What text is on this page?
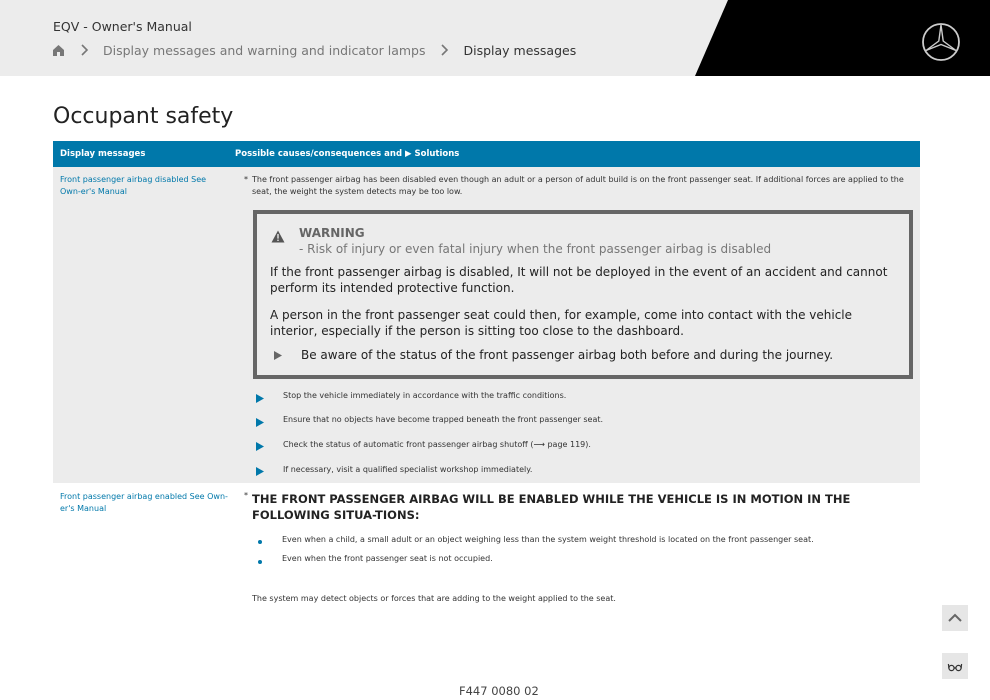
EQV - Owner's Manual
Display messages and warning and indicator lamps	Display messages
Occupant safety
Display messages	Possible causes/consequences and ▶ Solutions
Front passenger airbag disabled See Own-er's Manual
* The front passenger airbag has been disabled even though an adult or a person of adult build is on the front passenger seat. If additional forces are applied to the seat, the weight the system detects may be too low.
WARNING
- Risk of injury or even fatal injury when the front passenger airbag is disabled
If the front passenger airbag is disabled, It will not be deployed in the event of an accident and cannot perform its intended protective function.
A person in the front passenger seat could then, for example, come into contact with the vehicle interior, especially if the person is sitting too close to the dashboard.
Be aware of the status of the front passenger airbag both before and during the journey.
Stop the vehicle immediately in accordance with the traffic conditions.
Ensure that no objects have become trapped beneath the front passenger seat.
Check the status of automatic front passenger airbag shutoff (⟶ page 119).
If necessary, visit a qualified specialist workshop immediately.
Front passenger airbag enabled See Own-er's Manual
* THE FRONT PASSENGER AIRBAG WILL BE ENABLED WHILE THE VEHICLE IS IN MOTION IN THE FOLLOWING SITUA-TIONS:
Even when a child, a small adult or an object weighing less than the system weight threshold is located on the front passenger seat.
Even when the front passenger seat is not occupied.
The system may detect objects or forces that are adding to the weight applied to the seat.
F447 0080 02
